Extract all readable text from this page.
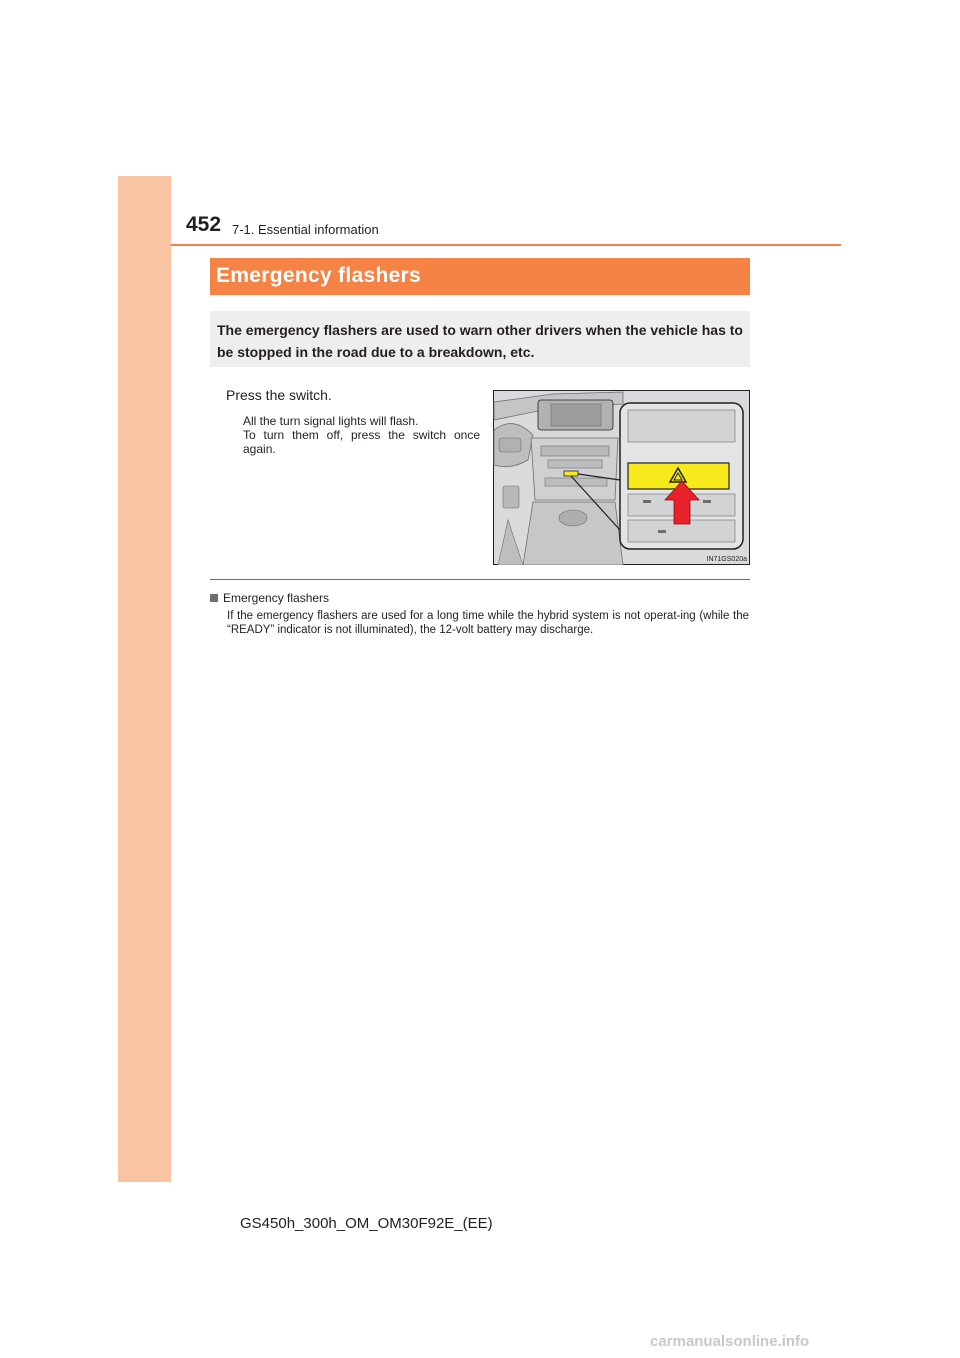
452 7-1. Essential information
Emergency flashers
The emergency flashers are used to warn other drivers when the vehicle has to be stopped in the road due to a breakdown, etc.
Press the switch.
All the turn signal lights will flash.
To turn them off, press the switch once again.
IN71GS020a
Emergency flashers
If the emergency flashers are used for a long time while the hybrid system is not operat-ing (while the “READY” indicator is not illuminated), the 12-volt battery may discharge.
GS450h_300h_OM_OM30F92E_(EE)
carmanualsonline.info
